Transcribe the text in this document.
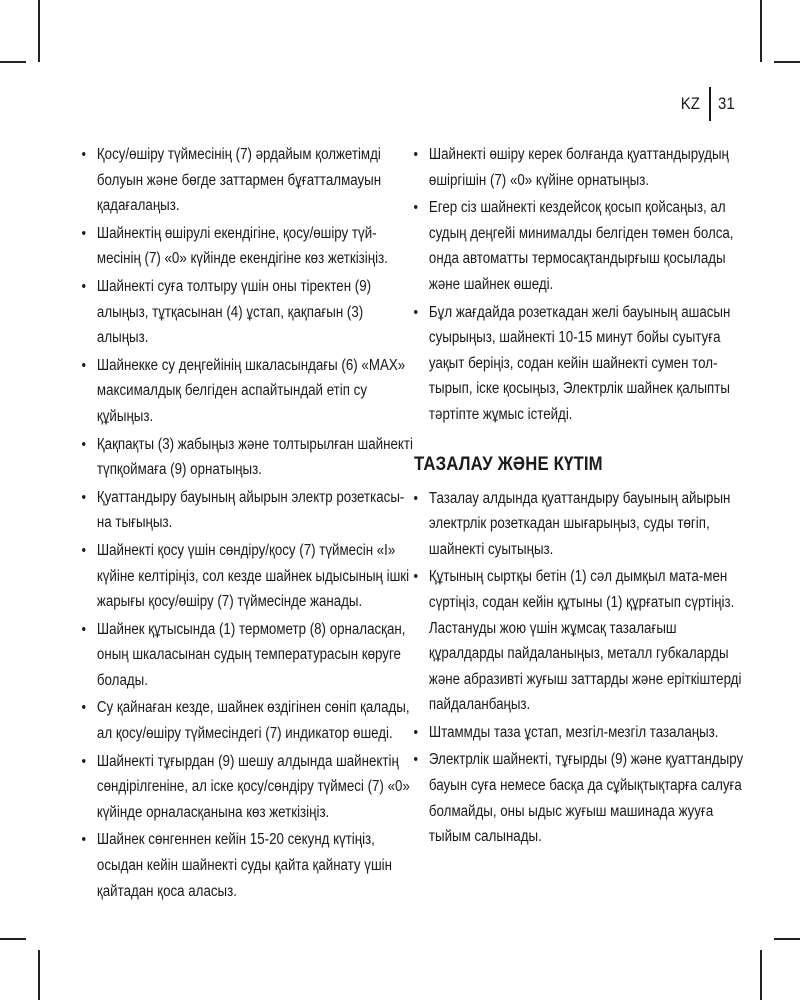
KZ	31
• Қосу/өшіру түймесінің (7) әрдайым қолжетімді болуын және бөгде заттармен бұғатталмауын қадағалаңыз.
• Шайнектің өшірулі екендігіне, қосу/өшіру түй-месінің (7) «0» күйінде екендігіне көз жеткізіңіз.
• Шайнекті суға толтыру үшін оны тіректен (9) алыңыз, тұтқасынан (4) ұстап, қақпағын (3) алыңыз.
• Шайнекке су деңгейінің шкаласындағы (6) «MAX» максималдық белгіден аспайтындай етіп су құйыңыз.
• Қақпақты (3) жабыңыз және толтырылған шайнекті түпқоймаға (9) орнатыңыз.
• Қуаттандыру бауының айырын электр розеткасы-на тығыңыз.
• Шайнекті қосу үшін сөндіру/қосу (7) түймесін «I» күйіне келтіріңіз, сол кезде шайнек ыдысының ішкі жарығы қосу/өшіру (7) түймесінде жанады.
• Шайнек құтысында (1) термометр (8) орналасқан, оның шкаласынан судың температурасын көруге болады.
• Су қайнаған кезде, шайнек өздігінен сөніп қалады, ал қосу/өшіру түймесіндегі (7) индикатор өшеді.
• Шайнекті тұғырдан (9) шешу алдында шайнектің сөндірілгеніне, ал іске қосу/сөндіру түймесі (7) «0» күйінде орналасқанына көз жеткізіңіз.
• Шайнек сөнгеннен кейін 15-20 секунд күтіңіз, осыдан кейін шайнекті суды қайта қайнату үшін қайтадан қоса аласыз.
• Шайнекті өшіру керек болғанда қуаттандырудың өшіргішін (7) «0» күйіне орнатыңыз.
• Егер сіз шайнекті кездейсоқ қосып қойсаңыз, ал судың деңгейі минималды белгіден төмен болса, онда автоматты термосақтандырғыш қосылады және шайнек өшеді.
• Бұл жағдайда розеткадан желі бауының ашасын суырыңыз, шайнекті 10-15 минут бойы суытуға уақыт беріңіз, содан кейін шайнекті сумен тол-тырып, іске қосыңыз, Электрлік шайнек қалыпты тәртіпте жұмыс істейді.
ТАЗАЛАУ ЖӘНЕ КҮТІМ
• Тазалау алдында қуаттандыру бауының айырын электрлік розеткадан шығарыңыз, суды төгіп, шайнекті суытыңыз.
• Құтының сыртқы бетін (1) сәл дымқыл мата-мен сүртіңіз, содан кейін құтыны (1) құрғатып сүртіңіз. Ластануды жою үшін жұмсақ тазалағыш құралдарды пайдаланыңыз, металл губкаларды және абразивті жуғыш заттарды және еріткіштерді пайдаланбаңыз.
• Штаммды таза ұстап, мезгіл-мезгіл тазалаңыз.
• Электрлік шайнекті, тұғырды (9) және қуаттандыру бауын суға немесе басқа да сұйықтықтарға салуға болмайды, оны ыдыс жуғыш машинада жууға тыйым салынады.
